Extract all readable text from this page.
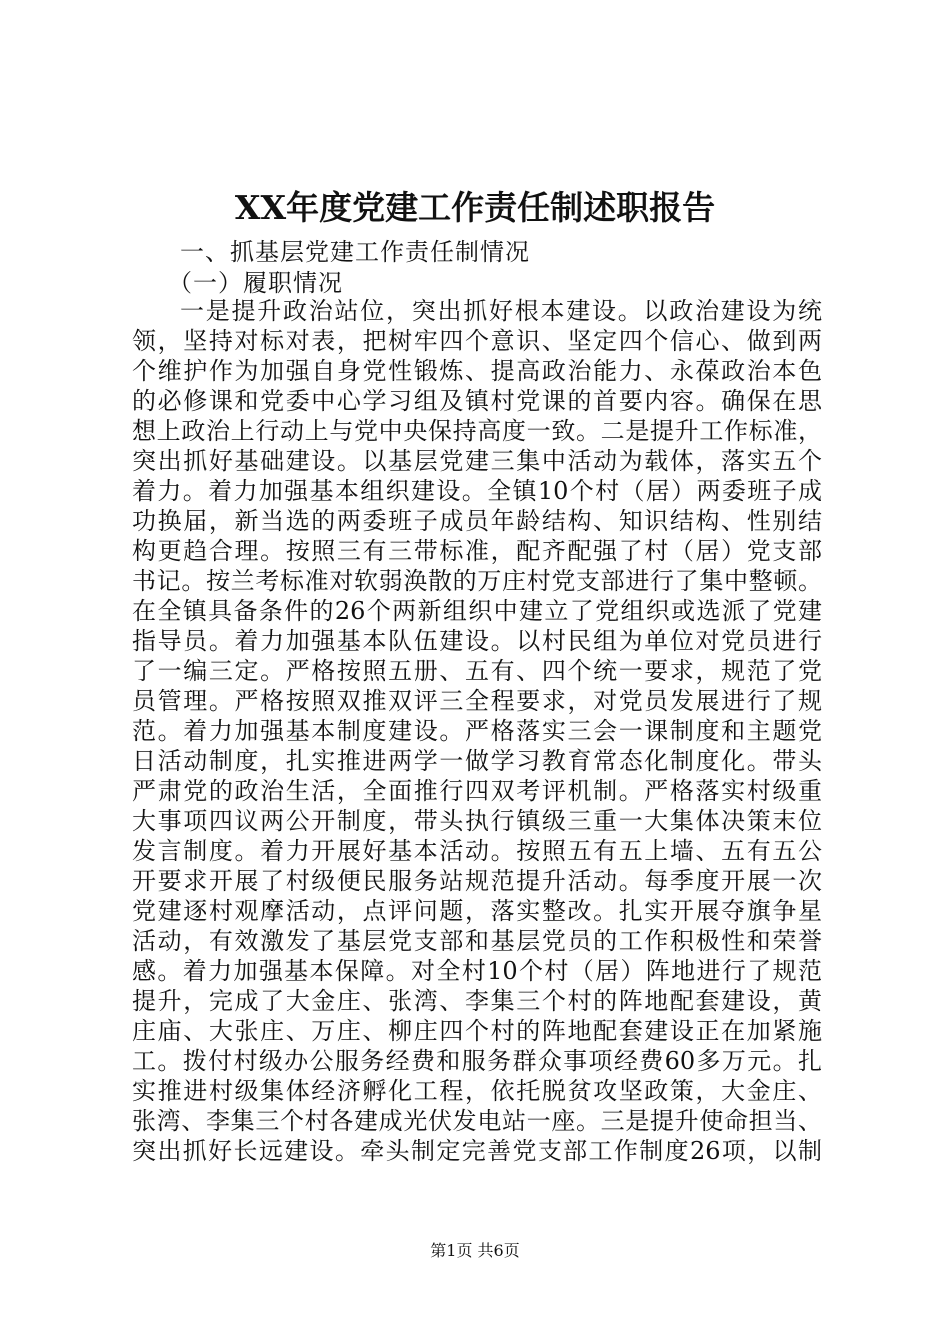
XX年度党建工作责任制述职报告
一、抓基层党建工作责任制情况
（一）履职情况
一是提升政治站位，突出抓好根本建设。以政治建设为统
领，坚持对标对表，把树牢四个意识、坚定四个信心、做到两
个维护作为加强自身党性锻炼、提高政治能力、永葆政治本色
的必修课和党委中心学习组及镇村党课的首要内容。确保在思
想上政治上行动上与党中央保持高度一致。二是提升工作标准，
突出抓好基础建设。以基层党建三集中活动为载体，落实五个
着力。着力加强基本组织建设。全镇10个村（居）两委班子成
功换届，新当选的两委班子成员年龄结构、知识结构、性别结
构更趋合理。按照三有三带标准，配齐配强了村（居）党支部
书记。按兰考标准对软弱涣散的万庄村党支部进行了集中整顿。
在全镇具备条件的26个两新组织中建立了党组织或选派了党建
指导员。着力加强基本队伍建设。以村民组为单位对党员进行
了一编三定。严格按照五册、五有、四个统一要求，规范了党
员管理。严格按照双推双评三全程要求，对党员发展进行了规
范。着力加强基本制度建设。严格落实三会一课制度和主题党
日活动制度，扎实推进两学一做学习教育常态化制度化。带头
严肃党的政治生活，全面推行四双考评机制。严格落实村级重
大事项四议两公开制度，带头执行镇级三重一大集体决策末位
发言制度。着力开展好基本活动。按照五有五上墙、五有五公
开要求开展了村级便民服务站规范提升活动。每季度开展一次
党建逐村观摩活动，点评问题，落实整改。扎实开展夺旗争星
活动，有效激发了基层党支部和基层党员的工作积极性和荣誉
感。着力加强基本保障。对全村10个村（居）阵地进行了规范
提升，完成了大金庄、张湾、李集三个村的阵地配套建设，黄
庄庙、大张庄、万庄、柳庄四个村的阵地配套建设正在加紧施
工。拨付村级办公服务经费和服务群众事项经费60多万元。扎
实推进村级集体经济孵化工程，依托脱贫攻坚政策，大金庄、
张湾、李集三个村各建成光伏发电站一座。三是提升使命担当、
突出抓好长远建设。牵头制定完善党支部工作制度26项，以制
第1页 共6页
